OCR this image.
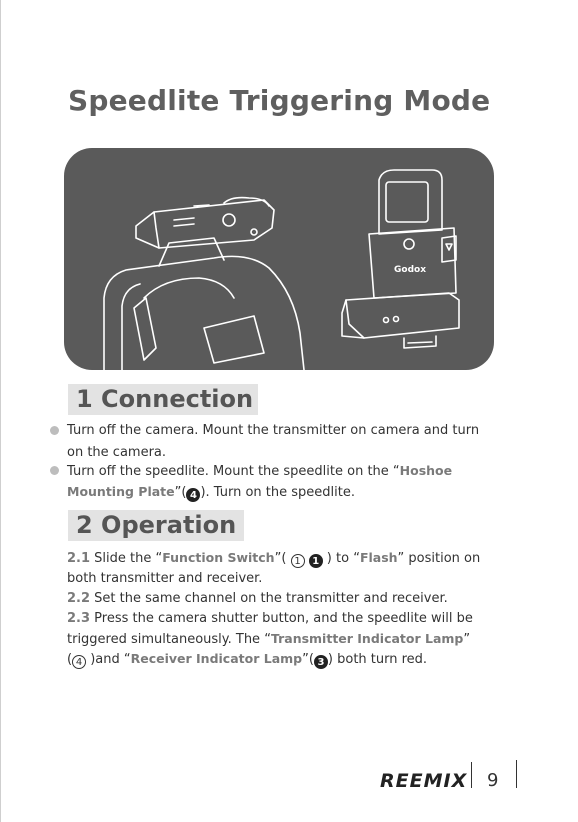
Speedlite Triggering Mode
Godox
1 Connection
Turn off the camera. Mount the transmitter on camera and turn
on the camera.
Turn off the speedlite. Mount the speedlite on the “Hoshoe
Mounting Plate”( 4 ). Turn on the speedlite.
2 Operation
2.1 Slide the “Function Switch”( 1 1 ) to “Flash” position on
both transmitter and receiver.
2.2 Set the same channel on the transmitter and receiver.
2.3 Press the camera shutter button, and the speedlite will be
triggered simultaneously. The “Transmitter Indicator Lamp”
( 4 )and “Receiver Indicator Lamp”( 3 ) both turn red.
REEMIX 9
